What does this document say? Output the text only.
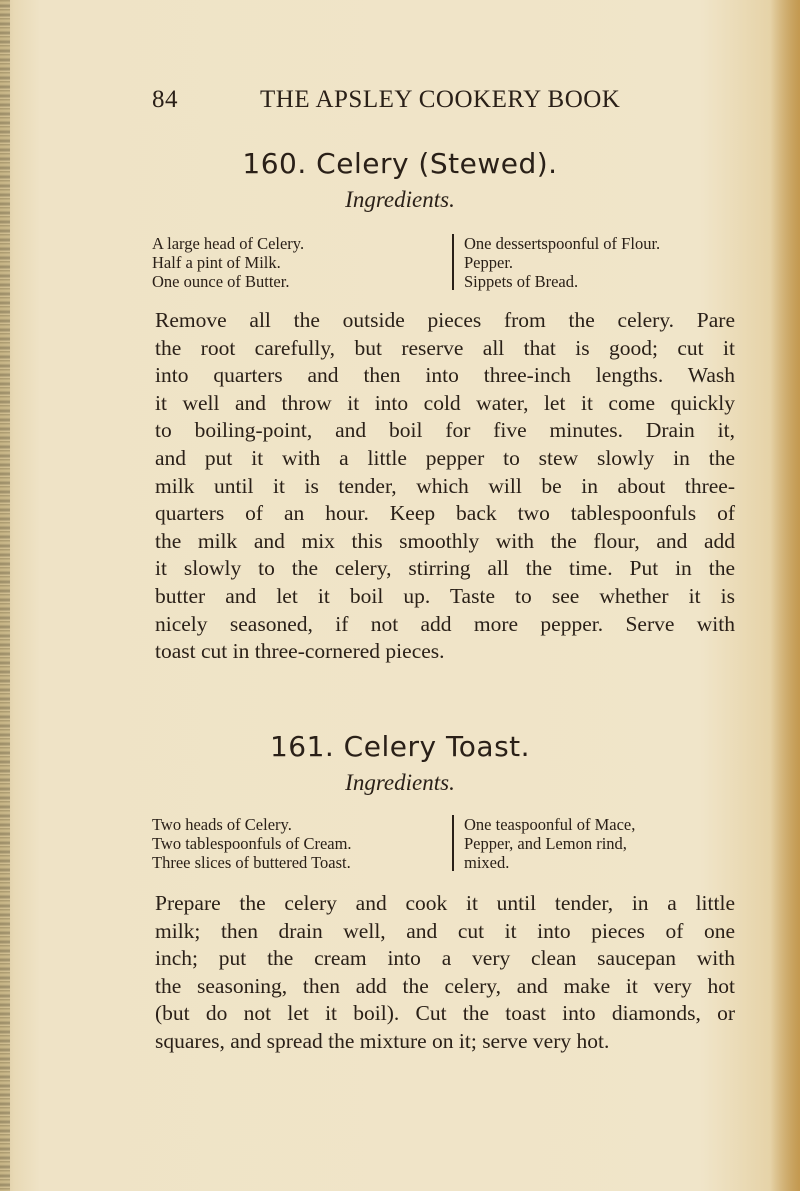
84	THE APSLEY COOKERY BOOK
160. Celery (Stewed).
Ingredients.
A large head of Celery.
Half a pint of Milk.
One ounce of Butter.
One dessertspoonful of Flour.
Pepper.
Sippets of Bread.
Remove all the outside pieces from the celery. Pare
the root carefully, but reserve all that is good; cut it
into quarters and then into three-inch lengths. Wash
it well and throw it into cold water, let it come quickly
to boiling-point, and boil for five minutes. Drain it,
and put it with a little pepper to stew slowly in the
milk until it is tender, which will be in about three-
quarters of an hour. Keep back two tablespoonfuls of
the milk and mix this smoothly with the flour, and add
it slowly to the celery, stirring all the time. Put in the
butter and let it boil up. Taste to see whether it is
nicely seasoned, if not add more pepper. Serve with
toast cut in three-cornered pieces.
161. Celery Toast.
Ingredients.
Two heads of Celery.
Two tablespoonfuls of Cream.
Three slices of buttered Toast.
One teaspoonful of Mace,
Pepper, and Lemon rind,
mixed.
Prepare the celery and cook it until tender, in a little
milk; then drain well, and cut it into pieces of one
inch; put the cream into a very clean saucepan with
the seasoning, then add the celery, and make it very hot
(but do not let it boil). Cut the toast into diamonds, or
squares, and spread the mixture on it; serve very hot.
